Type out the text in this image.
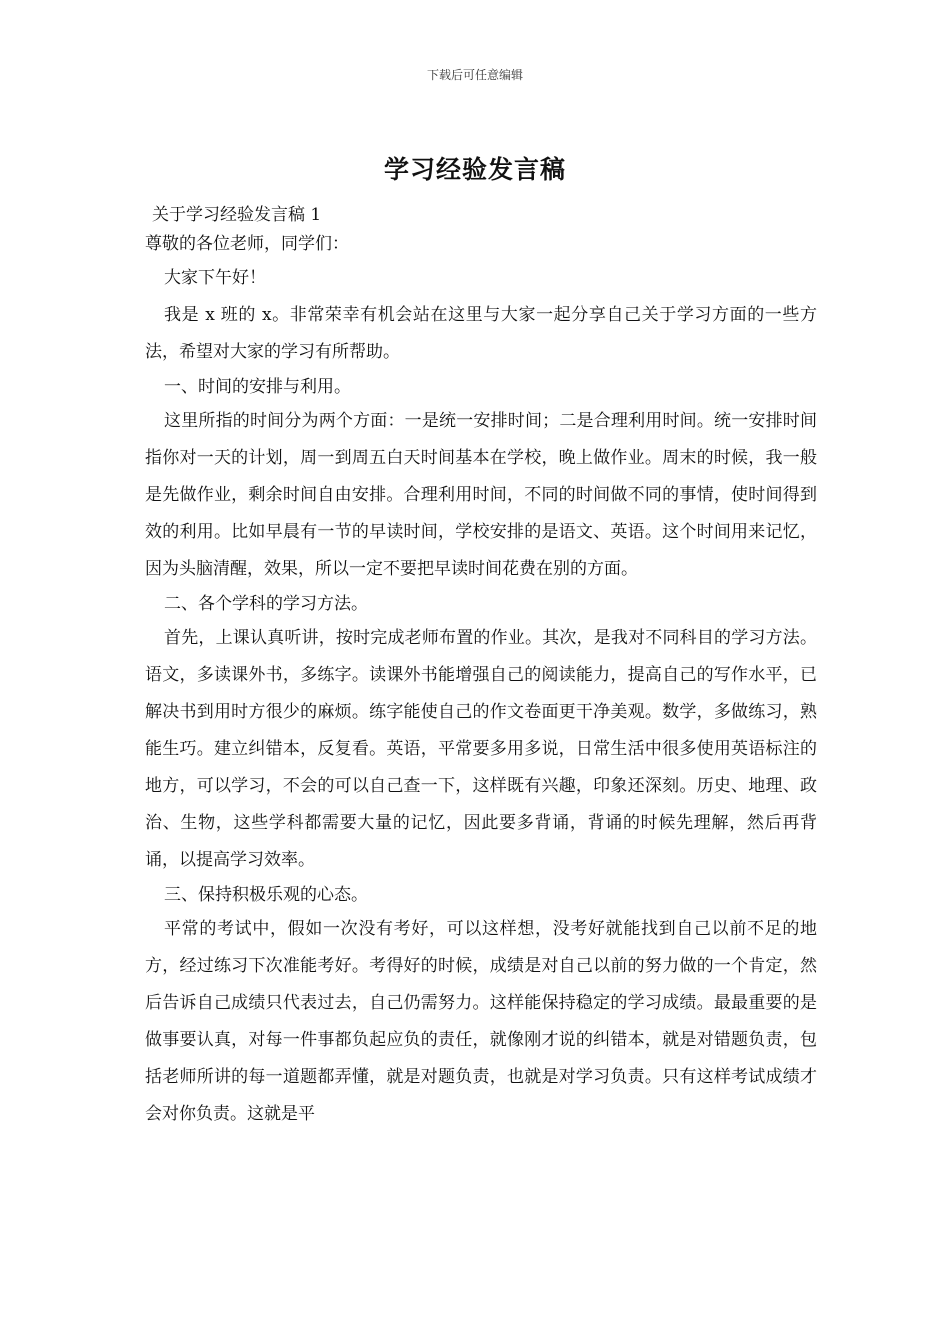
下载后可任意编辑
学习经验发言稿
关于学习经验发言稿 1

尊敬的各位老师，同学们：

大家下午好！

我是 x 班的 x。非常荣幸有机会站在这里与大家一起分享自己关于学习方面的一些方法，希望对大家的学习有所帮助。

一、时间的安排与利用。

这里所指的时间分为两个方面：一是统一安排时间；二是合理利用时间。统一安排时间指你对一天的计划，周一到周五白天时间基本在学校，晚上做作业。周末的时候，我一般是先做作业，剩余时间自由安排。合理利用时间，不同的时间做不同的事情，使时间得到效的利用。比如早晨有一节的早读时间，学校安排的是语文、英语。这个时间用来记忆，因为头脑清醒，效果，所以一定不要把早读时间花费在别的方面。

二、各个学科的学习方法。

首先，上课认真听讲，按时完成老师布置的作业。其次，是我对不同科目的学习方法。语文，多读课外书，多练字。读课外书能增强自己的阅读能力，提高自己的写作水平，已解决书到用时方很少的麻烦。练字能使自己的作文卷面更干净美观。数学，多做练习，熟能生巧。建立纠错本，反复看。英语，平常要多用多说，日常生活中很多使用英语标注的地方，可以学习，不会的可以自己查一下，这样既有兴趣，印象还深刻。历史、地理、政治、生物，这些学科都需要大量的记忆，因此要多背诵，背诵的时候先理解，然后再背诵，以提高学习效率。

三、保持积极乐观的心态。

平常的考试中，假如一次没有考好，可以这样想，没考好就能找到自己以前不足的地方，经过练习下次准能考好。考得好的时候，成绩是对自己以前的努力做的一个肯定，然后告诉自己成绩只代表过去，自己仍需努力。这样能保持稳定的学习成绩。最最重要的是做事要认真，对每一件事都负起应负的责任，就像刚才说的纠错本，就是对错题负责，包括老师所讲的每一道题都弄懂，就是对题负责，也就是对学习负责。只有这样考试成绩才会对你负责。这就是平
